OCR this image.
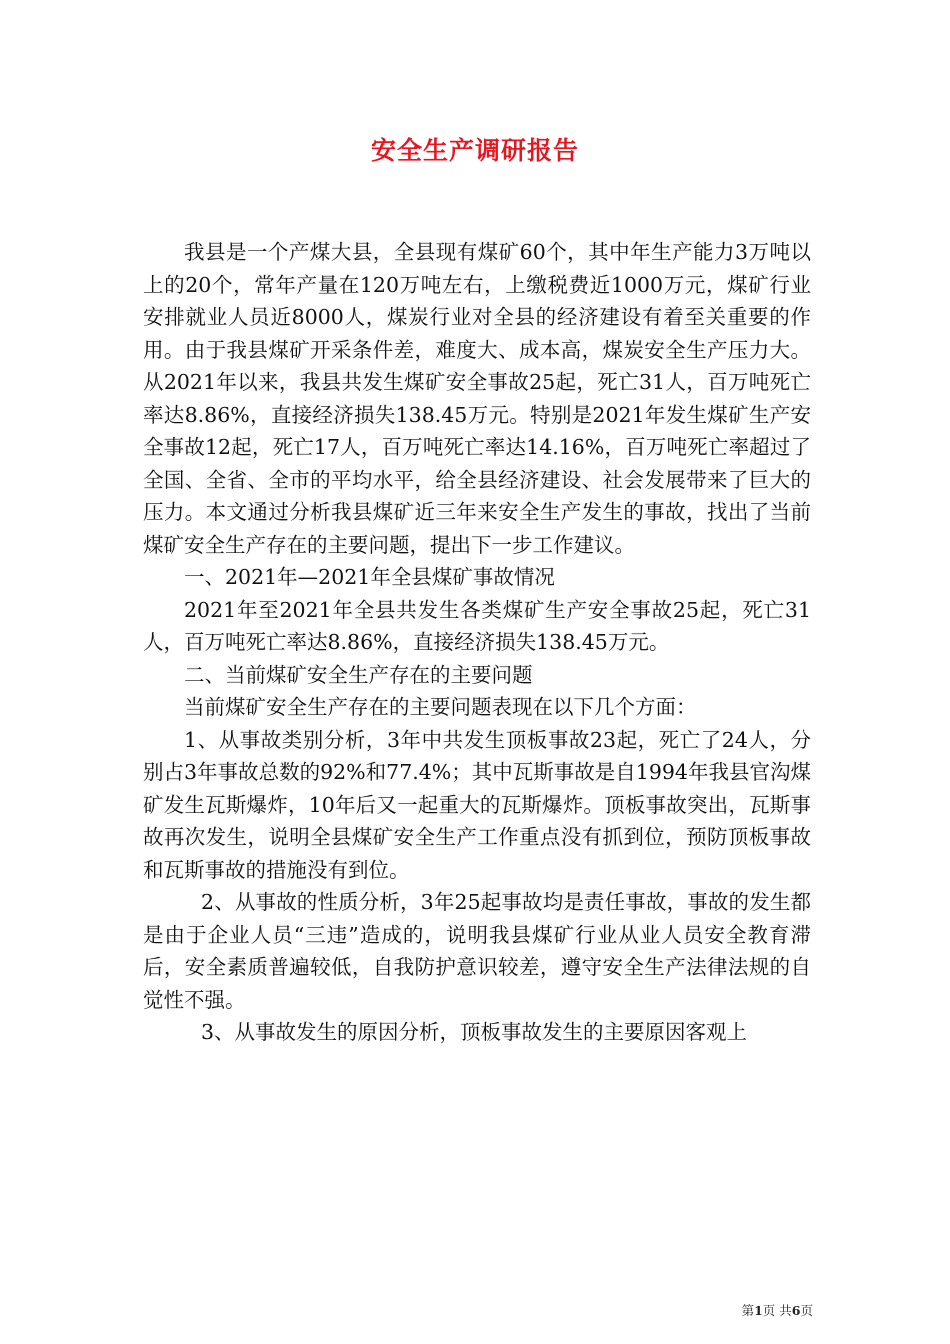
安全生产调研报告

我县是一个产煤大县，全县现有煤矿60个，其中年生产能力3万吨以上的20个，常年产量在120万吨左右，上缴税费近1000万元，煤矿行业安排就业人员近8000人，煤炭行业对全县的经济建设有着至关重要的作用。由于我县煤矿开采条件差，难度大、成本高，煤炭安全生产压力大。从2021年以来，我县共发生煤矿安全事故25起，死亡31人，百万吨死亡率达8.86%，直接经济损失138.45万元。特别是2021年发生煤矿生产安全事故12起，死亡17人，百万吨死亡率达14.16%，百万吨死亡率超过了全国、全省、全市的平均水平，给全县经济建设、社会发展带来了巨大的压力。本文通过分析我县煤矿近三年来安全生产发生的事故，找出了当前煤矿安全生产存在的主要问题，提出下一步工作建议。

一、2021年—2021年全县煤矿事故情况

2021年至2021年全县共发生各类煤矿生产安全事故25起，死亡31人，百万吨死亡率达8.86%，直接经济损失138.45万元。

二、当前煤矿安全生产存在的主要问题

当前煤矿安全生产存在的主要问题表现在以下几个方面：

1、从事故类别分析，3年中共发生顶板事故23起，死亡了24人，分别占3年事故总数的92%和77.4%；其中瓦斯事故是自1994年我县官沟煤矿发生瓦斯爆炸，10年后又一起重大的瓦斯爆炸。顶板事故突出，瓦斯事故再次发生，说明全县煤矿安全生产工作重点没有抓到位，预防顶板事故和瓦斯事故的措施没有到位。

2、从事故的性质分析，3年25起事故均是责任事故，事故的发生都是由于企业人员“三违”造成的，说明我县煤矿行业从业人员安全教育滞后，安全素质普遍较低，自我防护意识较差，遵守安全生产法律法规的自觉性不强。

3、从事故发生的原因分析，顶板事故发生的主要原因客观上

第1页 共6页
